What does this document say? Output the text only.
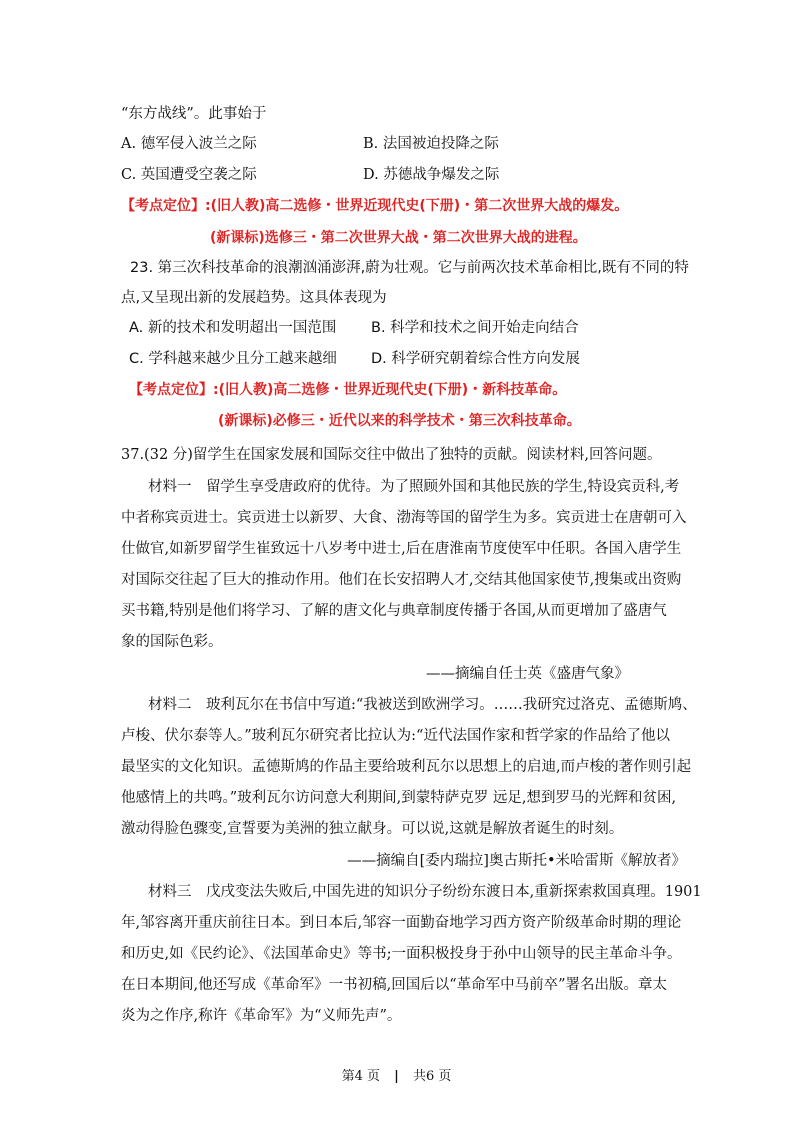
“东方战线”。此事始于
A. 德军侵入波兰之际	B. 法国被迫投降之际
C. 英国遭受空袭之际	D. 苏德战争爆发之际
【考点定位】:(旧人教)高二选修・世界近现代史(下册)・第二次世界大战的爆发。
(新课标)选修三・第二次世界大战・第二次世界大战的进程。
23. 第三次科技革命的浪潮汹涌澎湃,蔚为壮观。它与前两次技术革命相比,既有不同的特
点,又呈现出新的发展趋势。这具体表现为
A. 新的技术和发明超出一国范围 B. 科学和技术之间开始走向结合
C. 学科越来越少且分工越来越细 D. 科学研究朝着综合性方向发展
【考点定位】:(旧人教)高二选修・世界近现代史(下册)・新科技革命。
(新课标)必修三・近代以来的科学技术・第三次科技革命。
37.(32 分)留学生在国家发展和国际交往中做出了独特的贡献。阅读材料,回答问题。
材料一　留学生享受唐政府的优待。为了照顾外国和其他民族的学生,特设宾贡科,考
中者称宾贡进士。宾贡进士以新罗、大食、渤海等国的留学生为多。宾贡进士在唐朝可入
仕做官,如新罗留学生崔致远十八岁考中进士,后在唐淮南节度使军中任职。各国入唐学生
对国际交往起了巨大的推动作用。他们在长安招聘人才,交结其他国家使节,搜集或出资购
买书籍,特别是他们将学习、了解的唐文化与典章制度传播于各国,从而更增加了盛唐气
象的国际色彩。
——摘编自任士英《盛唐气象》
材料二　玻利瓦尔在书信中写道:“我被送到欧洲学习。……我研究过洛克、孟德斯鸠、
卢梭、伏尔泰等人。”玻利瓦尔研究者比拉认为:“近代法国作家和哲学家的作品给了他以
最坚实的文化知识。孟德斯鸠的作品主要给玻利瓦尔以思想上的启迪,而卢梭的著作则引起
他感情上的共鸣。”玻利瓦尔访问意大利期间,到蒙特萨克罗 远足,想到罗马的光辉和贫困,
激动得脸色骤变,宣誓要为美洲的独立献身。可以说,这就是解放者诞生的时刻。
——摘编自[委内瑞拉]奥古斯托•米哈雷斯《解放者》
材料三　戊戌变法失败后,中国先进的知识分子纷纷东渡日本,重新探索救国真理。1901
年,邹容离开重庆前往日本。到日本后,邹容一面勤奋地学习西方资产阶级革命时期的理论
和历史,如《民约论》、《法国革命史》等书;一面积极投身于孙中山领导的民主革命斗争。
在日本期间,他还写成《革命军》一书初稿,回国后以“革命军中马前卒”署名出版。章太
炎为之作序,称许《革命军》为“义师先声”。
第4 页 | 共6 页
